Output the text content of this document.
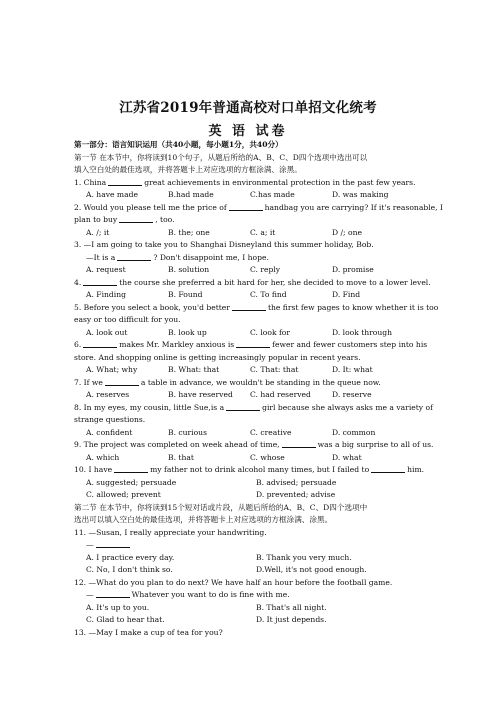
江苏省2019年普通高校对口单招文化统考
英 语 试卷
第一部分：语言知识运用（共40小题，每小题1分，共40分）
第一节 在本节中，你将读到10个句子，从题后所给的A、B、C、D四个选项中选出可以
填入空白处的最佳选项，并将答题卡上对应选项的方框涂满、涂黑。
1. China	great achievements in environmental protection in the past few years.
A. have made	B.had made	C.has made	D. was making
2. Would you please tell me the price of	handbag you are carrying? If it's reasonable, I
plan to buy	, too.
A. /; it	B. the; one	C. a; it	D /; one
3. —I am going to take you to Shanghai Disneyland this summer holiday, Bob.
—It is a	? Don't disappoint me, I hope.
A. request	B. solution	C. reply	D. promise
4.	the course she preferred a bit hard for her, she decided to move to a lower level.
A. Finding	B. Found	C. To find	D. Find
5. Before you select a book, you'd better	the first few pages to know whether it is too
easy or too difficult for you.
A. look out	B. look up	C. look for	D. look through
6.	makes Mr. Markley anxious is	fewer and fewer customers step into his
store. And shopping online is getting increasingly popular in recent years.
A. What; why	B. What: that	C. That: that	D. It: what
7. If we	a table in advance, we wouldn't be standing in the queue now.
A. reserves	B. have reserved C. had reserved	D. reserve
8. In my eyes, my cousin, little Sue,is a	girl because she always asks me a variety of
strange questions.
A. confident	B. curious	C. creative	D. common
9. The project was completed on week ahead of time,	was a big surprise to all of us.
A. which	B. that	C. whose	D. what
10. I have	my father not to drink alcohol many times, but I failed to	him.
A. suggested; persuade	B. advised; persuade
C. allowed; prevent	D. prevented; advise
第二节 在本节中，你将读到15个短对话或片段，从题后所给的A、B、C、D四个选项中
选出可以填入空白处的最佳选项，并将答题卡上对应选项的方框涂满、涂黑。
11. —Susan, I really appreciate your handwriting.
—
A. I practice every day.	B. Thank you very much.
C. No, I don't think so.	D.Well, it's not good enough.
12. —What do you plan to do next? We have half an hour before the football game.
—	Whatever you want to do is fine with me.
A. It's up to you.	B. That's all night.
C. Glad to hear that.	D. It just depends.
13. —May I make a cup of tea for you?
